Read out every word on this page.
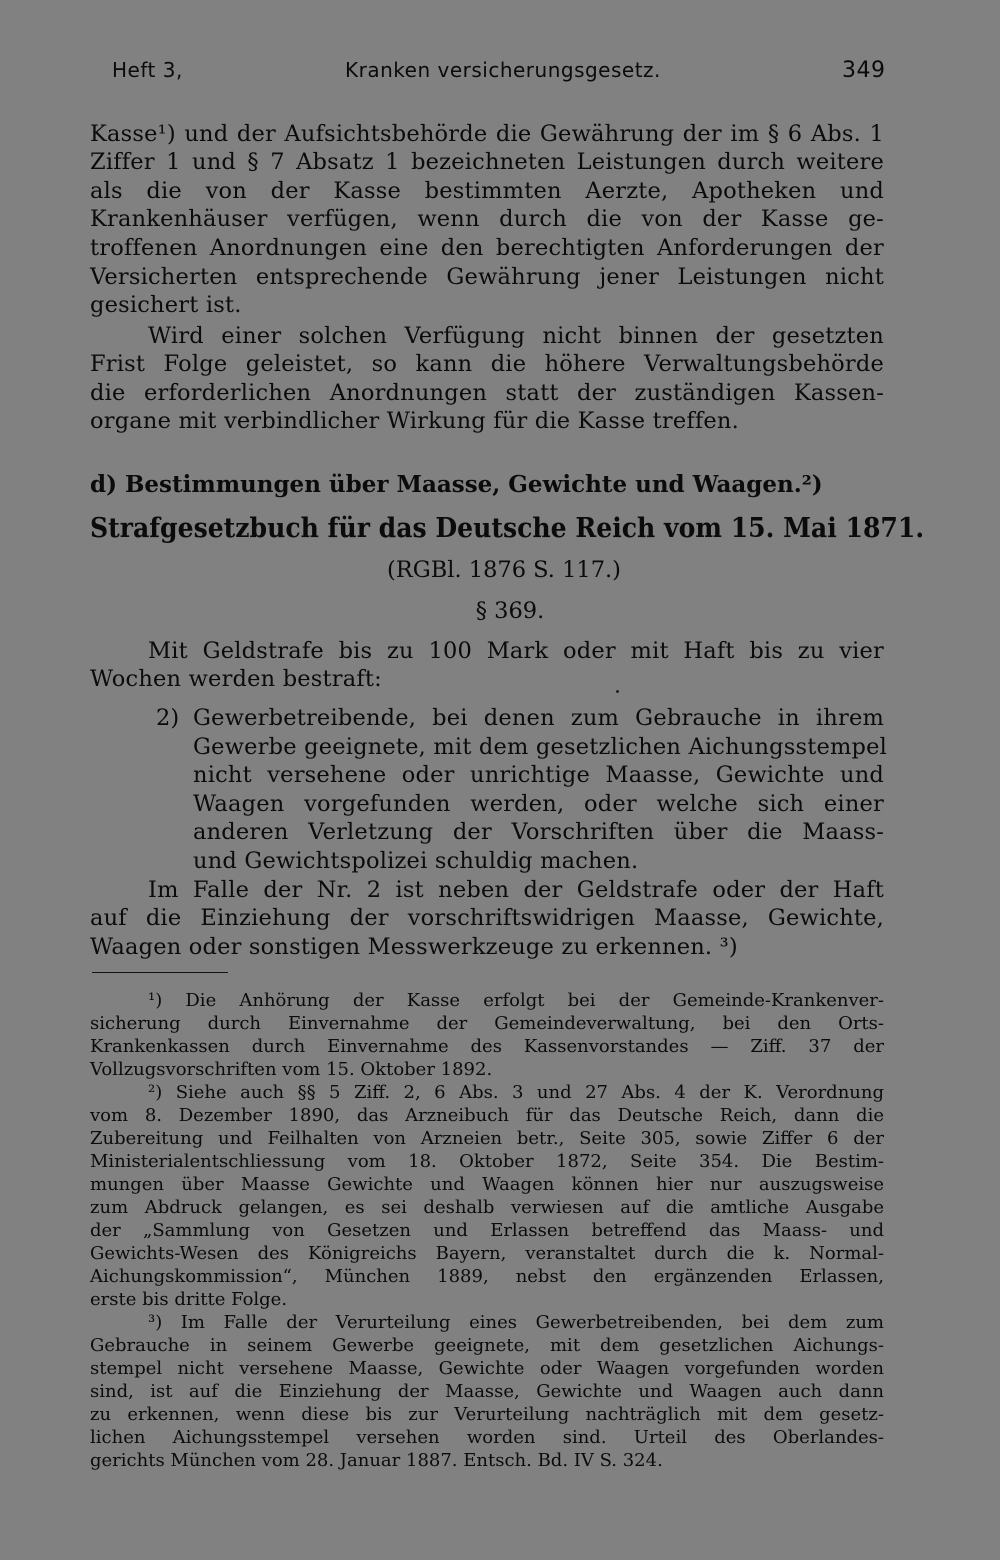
Heft 3,	Kranken versicherungsgesetz.	349
Kasse¹) und der Aufsichtsbehörde die Gewährung der im § 6 Abs. 1
Ziffer 1 und § 7 Absatz 1 bezeichneten Leistungen durch weitere
als die von der Kasse bestimmten Aerzte, Apotheken und
Krankenhäuser verfügen, wenn durch die von der Kasse ge-
troffenen Anordnungen eine den berechtigten Anforderungen der
Versicherten entsprechende Gewährung jener Leistungen nicht
gesichert ist.
Wird einer solchen Verfügung nicht binnen der gesetzten
Frist Folge geleistet, so kann die höhere Verwaltungsbehörde
die erforderlichen Anordnungen statt der zuständigen Kassen-
organe mit verbindlicher Wirkung für die Kasse treffen.
d) Bestimmungen über Maasse, Gewichte und Waagen.²)
Strafgesetzbuch für das Deutsche Reich vom 15. Mai 1871.
(RGBl. 1876 S. 117.)
§ 369.
Mit Geldstrafe bis zu 100 Mark oder mit Haft bis zu vier
Wochen werden bestraft:
2) Gewerbetreibende, bei denen zum Gebrauche in ihrem
Gewerbe geeignete, mit dem gesetzlichen Aichungsstempel
nicht versehene oder unrichtige Maasse, Gewichte und
Waagen vorgefunden werden, oder welche sich einer
anderen Verletzung der Vorschriften über die Maass-
und Gewichtspolizei schuldig machen.
Im Falle der Nr. 2 ist neben der Geldstrafe oder der Haft
auf die Einziehung der vorschriftswidrigen Maasse, Gewichte,
Waagen oder sonstigen Messwerkzeuge zu erkennen. ³)
¹) Die Anhörung der Kasse erfolgt bei der Gemeinde-Krankenver-
sicherung durch Einvernahme der Gemeindeverwaltung, bei den Orts-
Krankenkassen durch Einvernahme des Kassenvorstandes — Ziff. 37 der
Vollzugsvorschriften vom 15. Oktober 1892.
²) Siehe auch §§ 5 Ziff. 2, 6 Abs. 3 und 27 Abs. 4 der K. Verordnung
vom 8. Dezember 1890, das Arzneibuch für das Deutsche Reich, dann die
Zubereitung und Feilhalten von Arzneien betr., Seite 305, sowie Ziffer 6 der
Ministerialentschliessung vom 18. Oktober 1872, Seite 354. Die Bestim-
mungen über Maasse Gewichte und Waagen können hier nur auszugsweise
zum Abdruck gelangen, es sei deshalb verwiesen auf die amtliche Ausgabe
der „Sammlung von Gesetzen und Erlassen betreffend das Maass- und
Gewichts-Wesen des Königreichs Bayern, veranstaltet durch die k. Normal-
Aichungskommission“, München 1889, nebst den ergänzenden Erlassen,
erste bis dritte Folge.
³) Im Falle der Verurteilung eines Gewerbetreibenden, bei dem zum
Gebrauche in seinem Gewerbe geeignete, mit dem gesetzlichen Aichungs-
stempel nicht versehene Maasse, Gewichte oder Waagen vorgefunden worden
sind, ist auf die Einziehung der Maasse, Gewichte und Waagen auch dann
zu erkennen, wenn diese bis zur Verurteilung nachträglich mit dem gesetz-
lichen Aichungsstempel versehen worden sind. Urteil des Oberlandes-
gerichts München vom 28. Januar 1887. Entsch. Bd. IV S. 324.
